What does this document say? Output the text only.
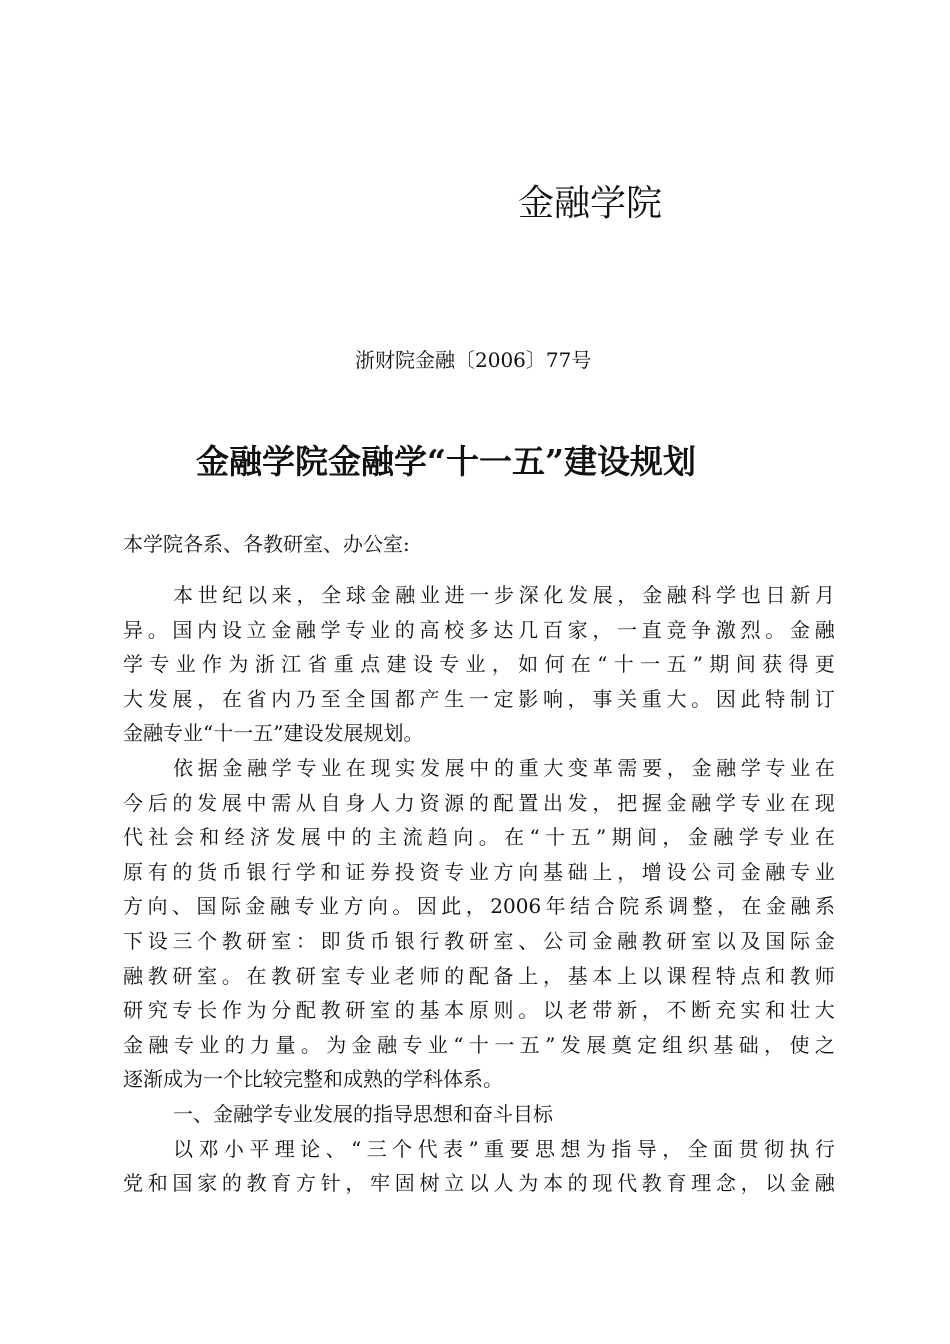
金融学院
浙财院金融〔2006〕77号
金融学院金融学“十一五”建设规划
本学院各系、各教研室、办公室:
本 世 纪 以 来 ， 全 球 金 融 业 进 一 步 深 化 发 展 ， 金 融 科 学 也 日 新 月
异 。 国 内 设 立 金 融 学 专 业 的 高 校 多 达 几 百 家 ， 一 直 竞 争 激 烈 。 金 融
学 专 业 作 为 浙 江 省 重 点 建 设 专 业 ， 如 何 在 “ 十 一 五 ” 期 间 获 得 更
大 发 展 ， 在 省 内 乃 至 全 国 都 产 生 一 定 影 响 ， 事 关 重 大 。 因 此 特 制 订
金 融 专 业 “ 十 一 五 ” 建 设 发 展 规 划 。
依 据 金 融 学 专 业 在 现 实 发 展 中 的 重 大 变 革 需 要 ， 金 融 学 专 业 在
今 后 的 发 展 中 需 从 自 身 人 力 资 源 的 配 置 出 发 ， 把 握 金 融 学 专 业 在 现
代 社 会 和 经 济 发 展 中 的 主 流 趋 向 。 在 “ 十 五 ” 期 间 ， 金 融 学 专 业 在
原 有 的 货 币 银 行 学 和 证 券 投 资 专 业 方 向 基 础 上 ， 增 设 公 司 金 融 专 业
方 向 、 国 际 金 融 专 业 方 向 。 因 此 ， 2006 年 结 合 院 系 调 整 ， 在 金 融 系
下 设 三 个 教 研 室 ： 即 货 币 银 行 教 研 室 、 公 司 金 融 教 研 室 以 及 国 际 金
融 教 研 室 。 在 教 研 室 专 业 老 师 的 配 备 上 ， 基 本 上 以 课 程 特 点 和 教 师
研 究 专 长 作 为 分 配 教 研 室 的 基 本 原 则 。 以 老 带 新 ， 不 断 充 实 和 壮 大
金 融 专 业 的 力 量 。 为 金 融 专 业 “ 十 一 五 ” 发 展 奠 定 组 织 基 础 ， 使 之
逐 渐 成 为 一 个 比 较 完 整 和 成 熟 的 学 科 体 系 。
一 、 金 融 学 专 业 发 展 的 指 导 思 想 和 奋 斗 目 标
以 邓 小 平 理 论 、 “ 三 个 代 表 ” 重 要 思 想 为 指 导 ， 全 面 贯 彻 执 行
党 和 国 家 的 教 育 方 针 ， 牢 固 树 立 以 人 为 本 的 现 代 教 育 理 念 ， 以 金 融
